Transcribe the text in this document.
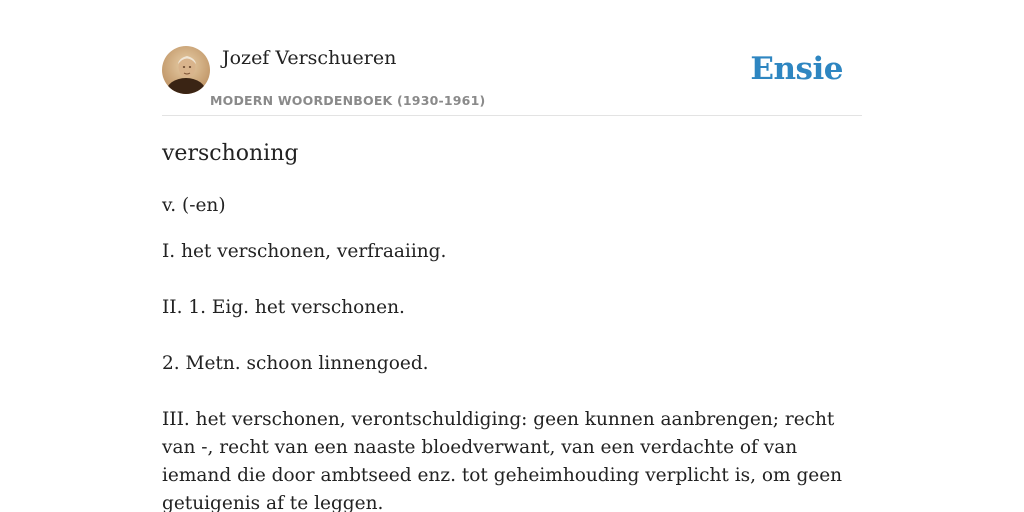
Jozef Verschueren
MODERN WOORDENBOEK (1930-1961)
Ensie
verschoning

v. (-en)

I. het verschonen, verfraaiing.

II. 1. Eig. het verschonen.

2. Metn. schoon linnengoed.

III. het verschonen, verontschuldiging: geen kunnen aanbrengen; recht van -, recht van een naaste bloedverwant, van een verdachte of van iemand die door ambtseed enz. tot geheimhouding verplicht is, om geen getuigenis af te leggen.
